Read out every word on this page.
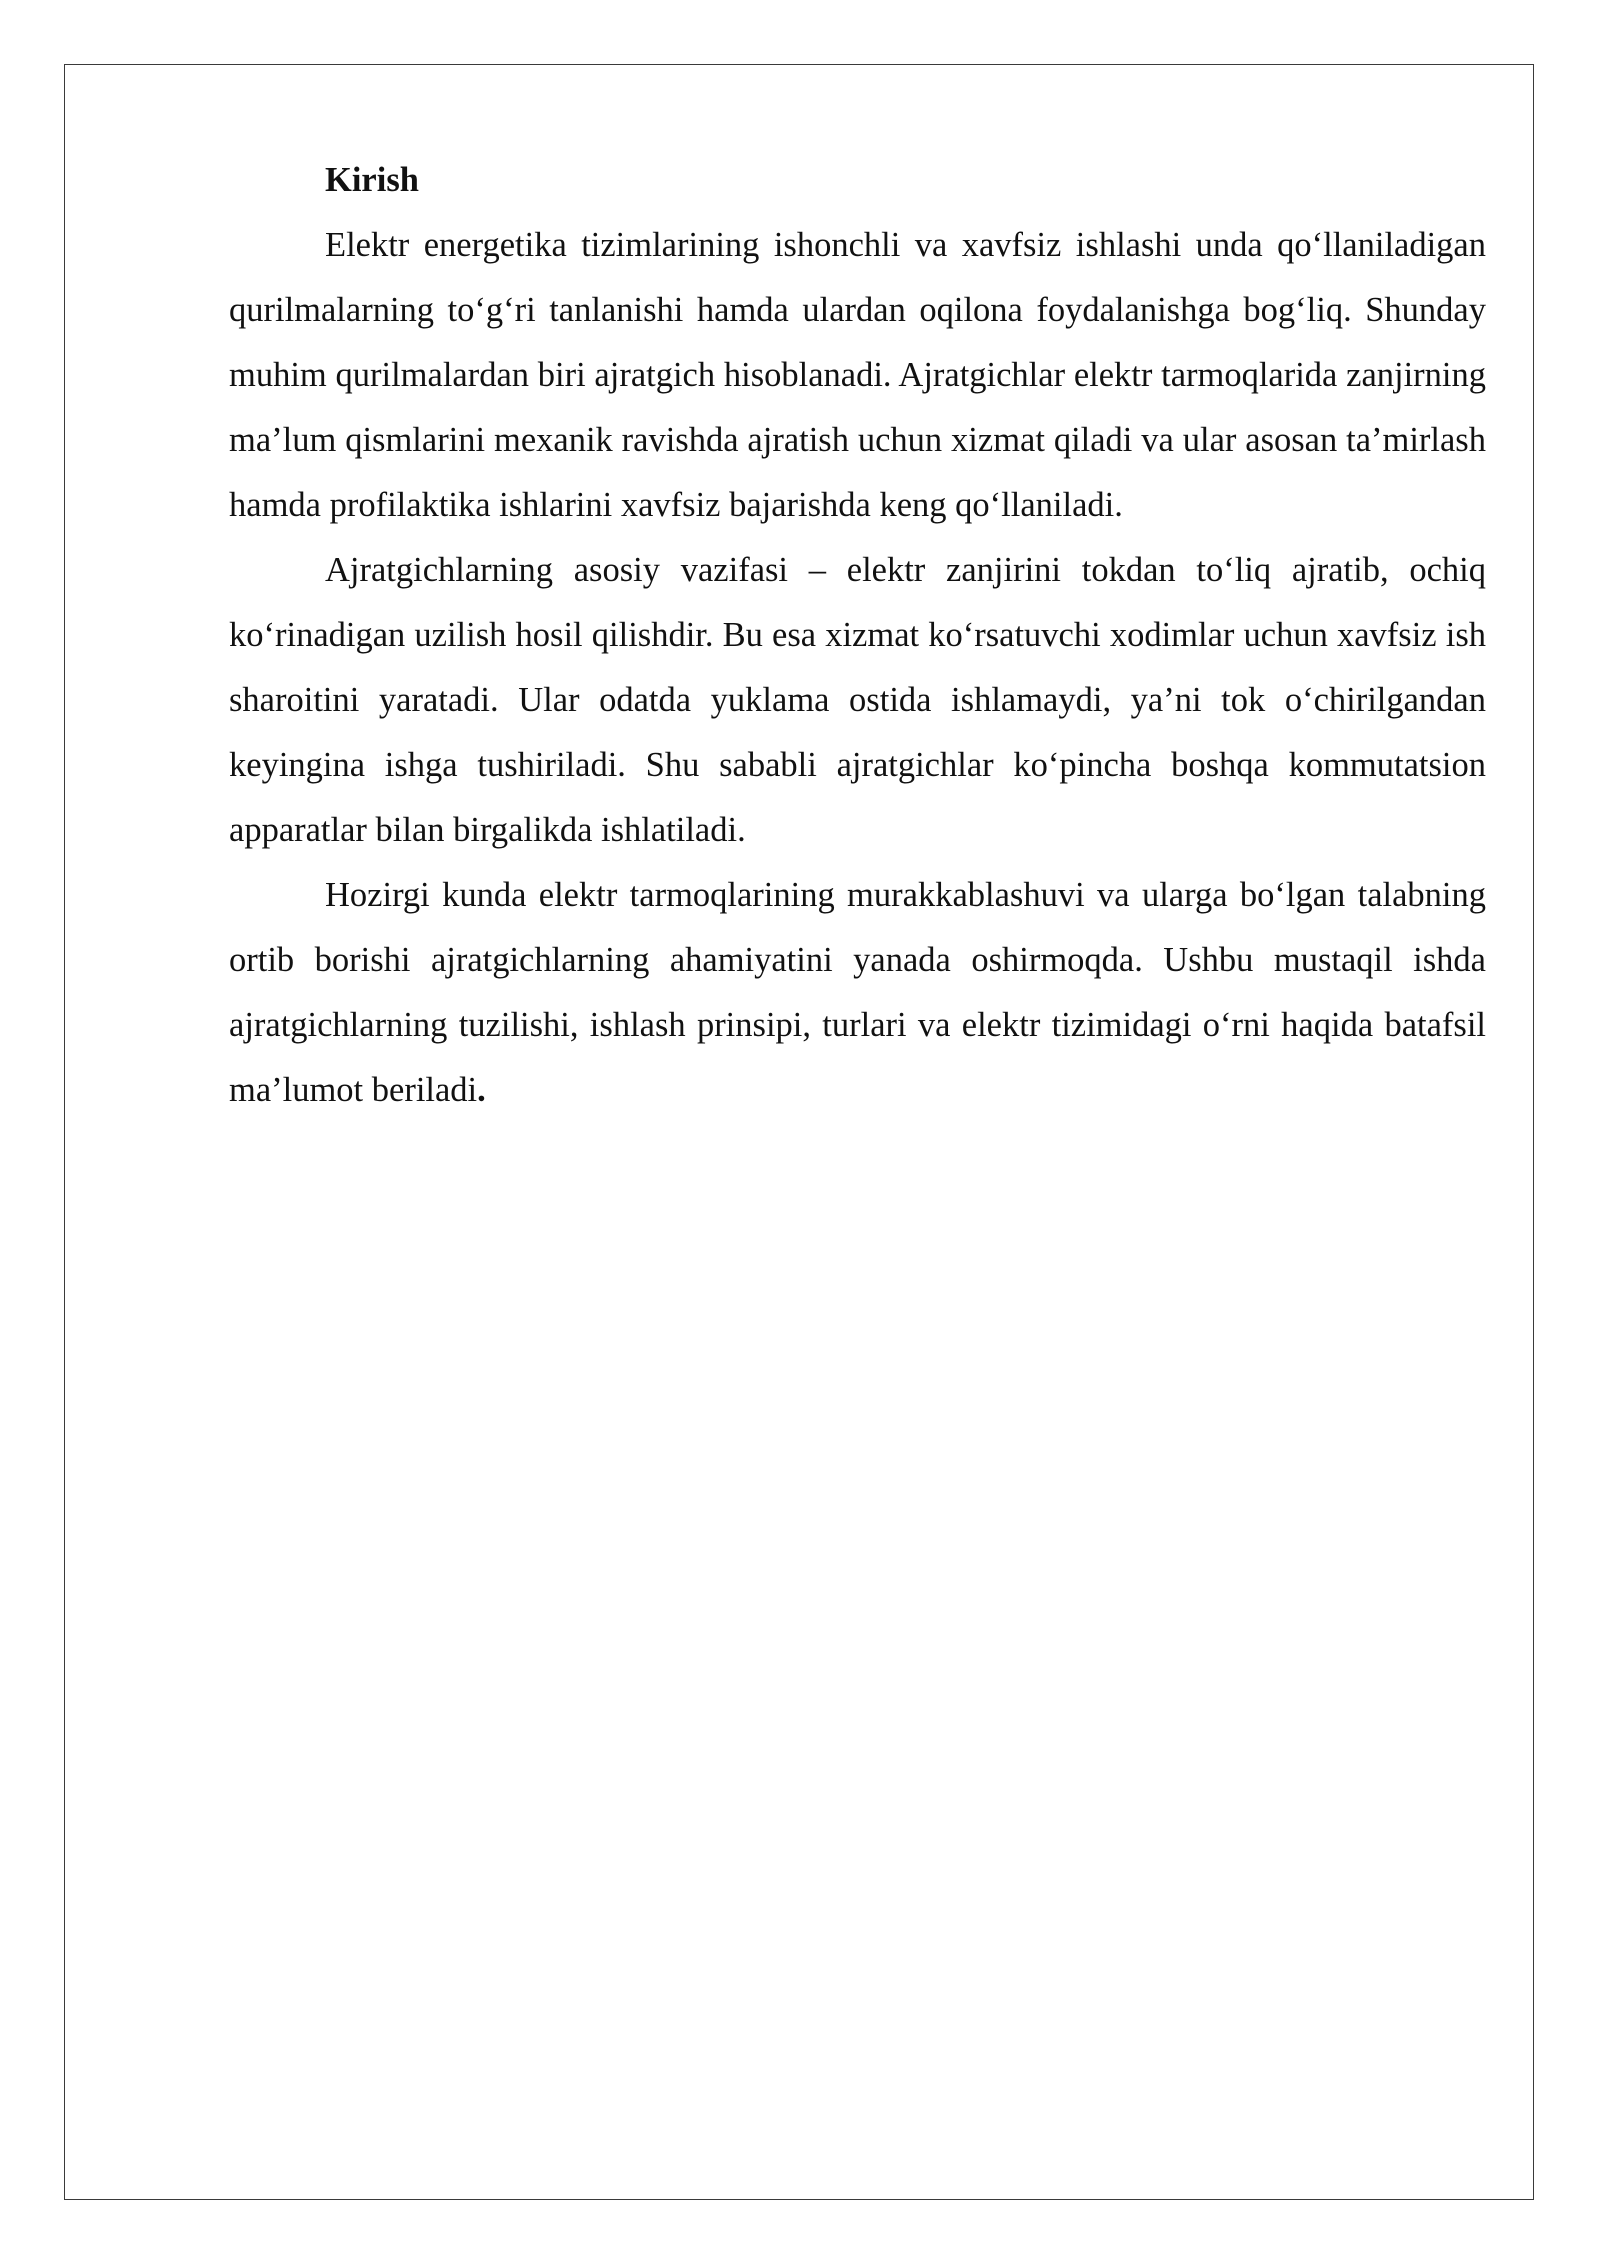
Kirish

Elektr energetika tizimlarining ishonchli va xavfsiz ishlashi unda qo‘llaniladigan qurilmalarning to‘g‘ri tanlanishi hamda ulardan oqilona foydalanishga bog‘liq. Shunday muhim qurilmalardan biri ajratgich hisoblanadi. Ajratgichlar elektr tarmoqlarida zanjirning ma’lum qismlarini mexanik ravishda ajratish uchun xizmat qiladi va ular asosan ta’mirlash hamda profilaktika ishlarini xavfsiz bajarishda keng qo‘llaniladi.

Ajratgichlarning asosiy vazifasi – elektr zanjirini tokdan to‘liq ajratib, ochiq ko‘rinadigan uzilish hosil qilishdir. Bu esa xizmat ko‘rsatuvchi xodimlar uchun xavfsiz ish sharoitini yaratadi. Ular odatda yuklama ostida ishlamaydi, ya’ni tok o‘chirilgandan keyingina ishga tushiriladi. Shu sababli ajratgichlar ko‘pincha boshqa kommutatsion apparatlar bilan birgalikda ishlatiladi.

Hozirgi kunda elektr tarmoqlarining murakkablashuvi va ularga bo‘lgan talabning ortib borishi ajratgichlarning ahamiyatini yanada oshirmoqda. Ushbu mustaqil ishda ajratgichlarning tuzilishi, ishlash prinsipi, turlari va elektr tizimidagi o‘rni haqida batafsil ma’lumot beriladi.
